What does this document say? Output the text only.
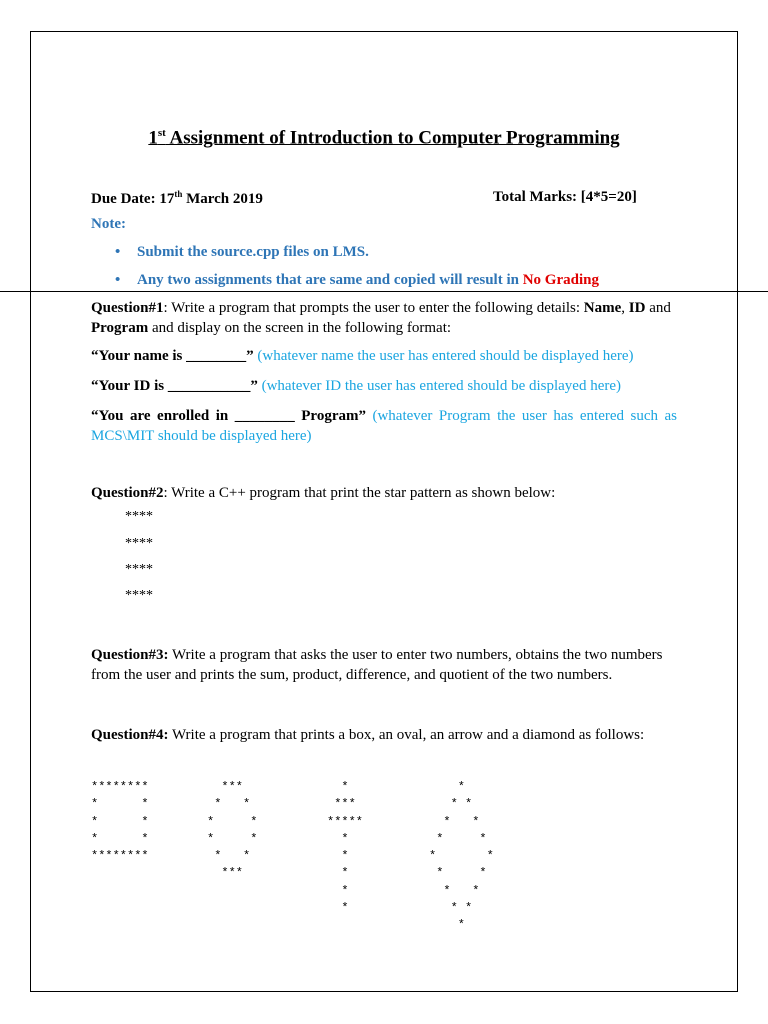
1st Assignment of Introduction to Computer Programming
Due Date: 17th March 2019	Total Marks: [4*5=20]
Note:
• Submit the source.cpp files on LMS.
• Any two assignments that are same and copied will result in No Grading
Question#1: Write a program that prompts the user to enter the following details: Name, ID and
Program and display on the screen in the following format:
“Your name is ________” (whatever name the user has entered should be displayed here)
“Your ID is ___________” (whatever ID the user has entered should be displayed here)
“You are enrolled in ________ Program” (whatever Program the user has entered such as MCS\MIT should be displayed here)
Question#2: Write a C++ program that print the star pattern as shown below:
****
****
****
****
Question#3: Write a program that asks the user to enter two numbers, obtains the two numbers from the user and prints the sum, product, difference, and quotient of the two numbers.
Question#4: Write a program that prints a box, an oval, an arrow and a diamond as follows:
********
*      *
*      *
*      *
********
***
*   *
*     *
*     *
*   *
***
*
***
*****
*
*
*
*
*
*
* *
*   *
*     *
*       *
*     *
*   *
* *
*
